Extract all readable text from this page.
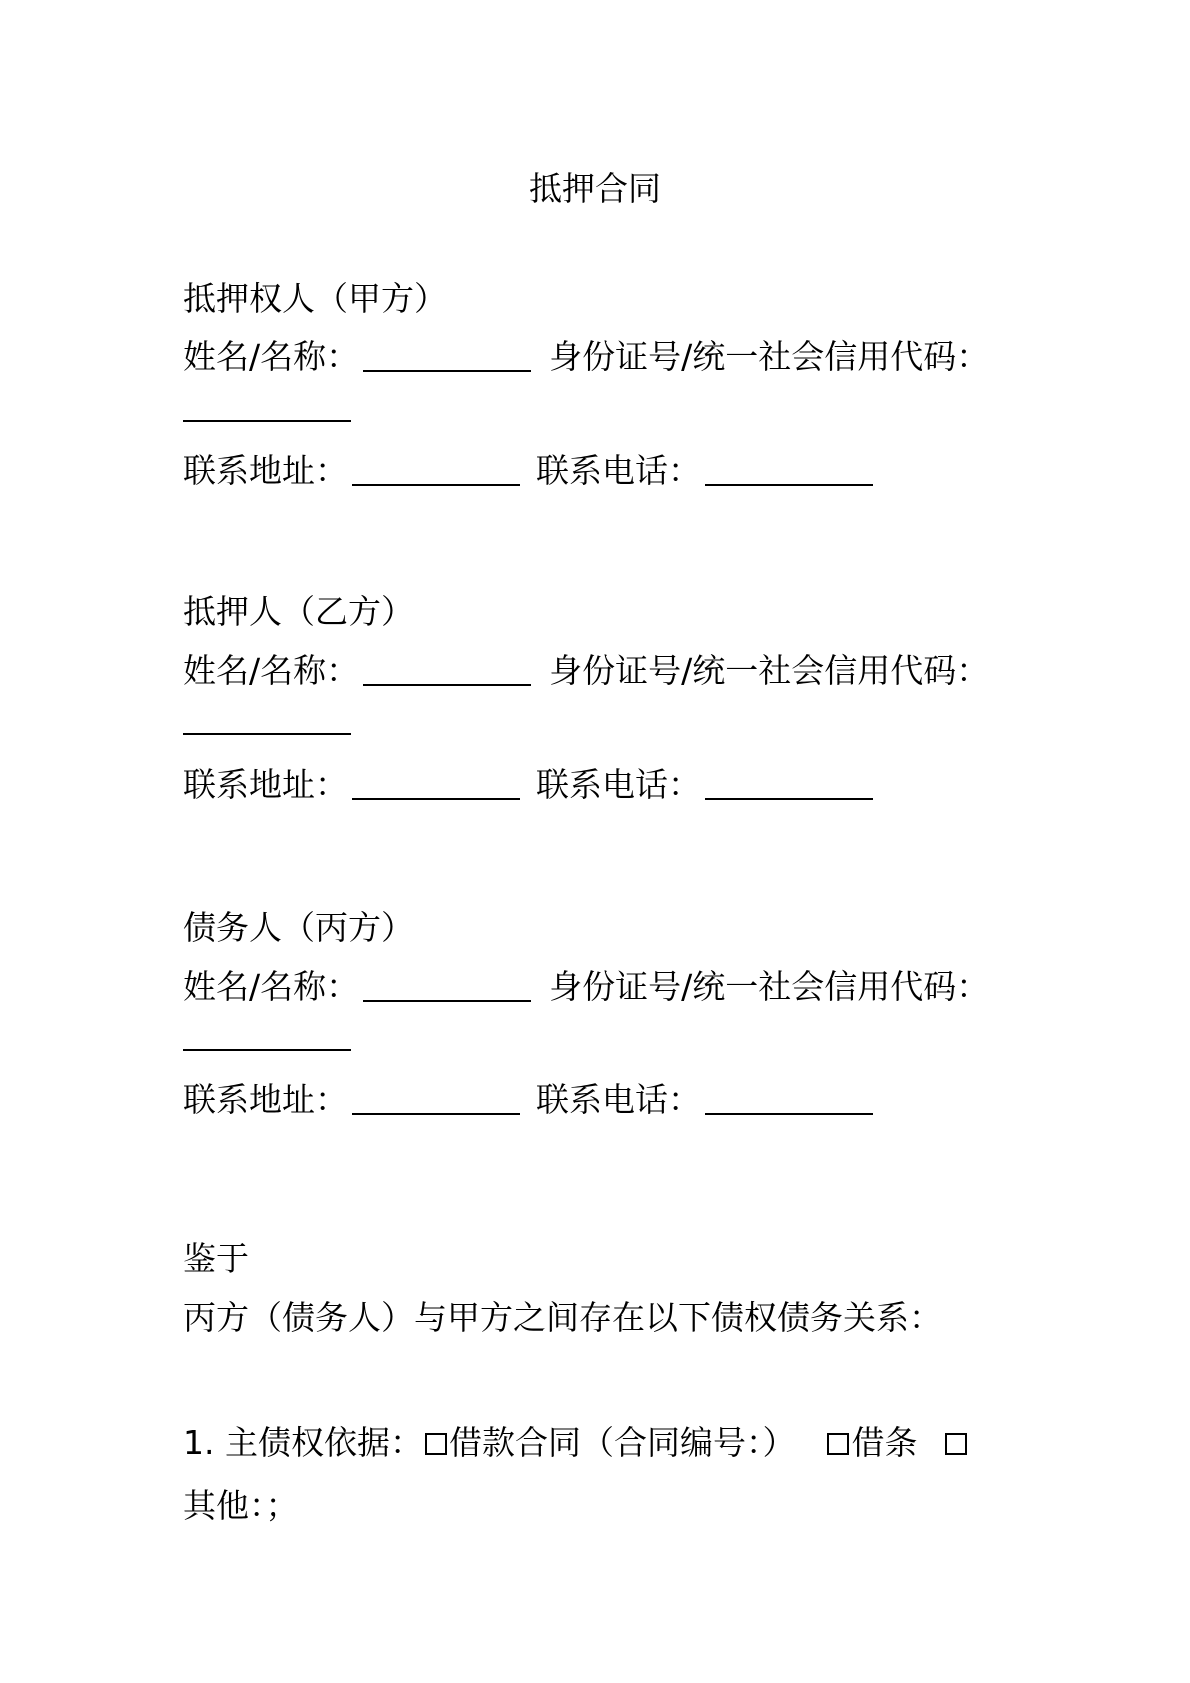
抵押合同

抵押权人（甲方）

姓名/名称：	身份证号/统一社会信用代码：

联系地址：	联系电话：

抵押人（乙方）

姓名/名称：	身份证号/统一社会信用代码：

联系地址：	联系电话：

债务人（丙方）

姓名/名称：	身份证号/统一社会信用代码：

联系地址：	联系电话：

鉴于

丙方（债务人）与甲方之间存在以下债权债务关系：

1. 主债权依据： 借款合同（合同编号：） 借条

其他：；
